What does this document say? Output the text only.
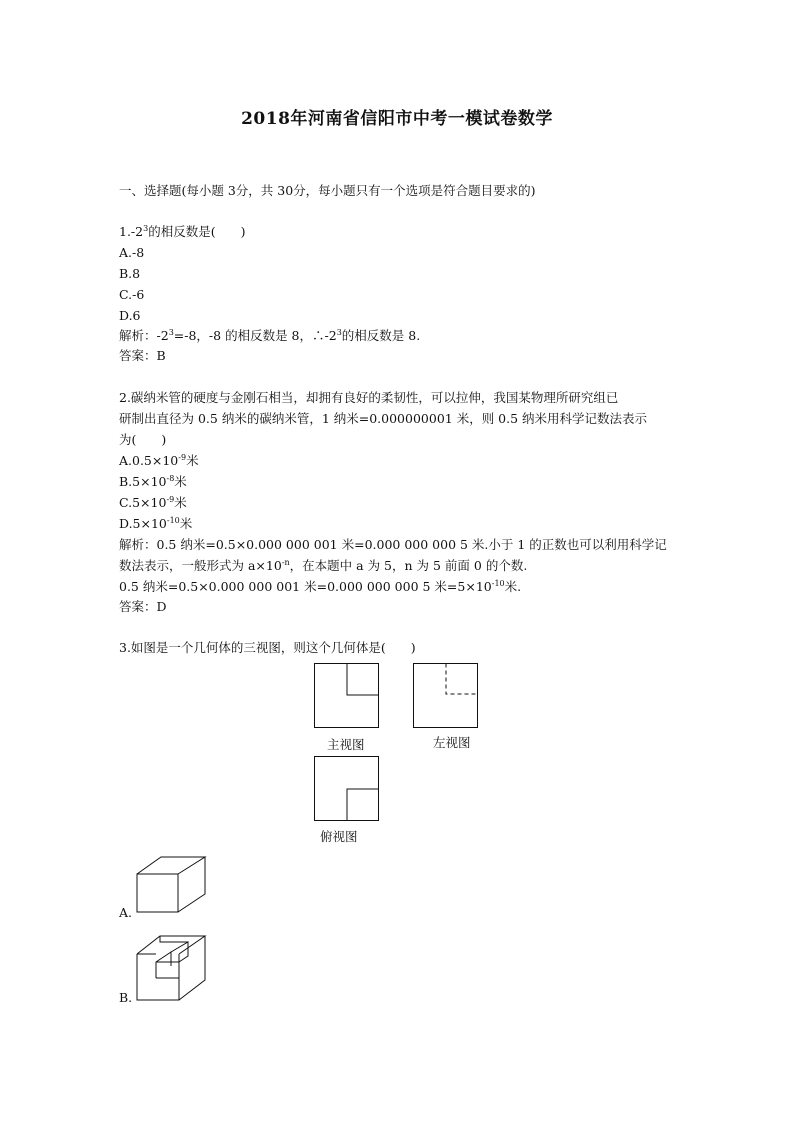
2018年河南省信阳市中考一模试卷数学
一、选择题(每小题 3分，共 30分，每小题只有一个选项是符合题目要求的)
$1.-2^3$的相反数是(　　)
A.-8
B.8
C.-6
D.6
解析：$-2^3=-8$，-8 的相反数是 8，$\therefore-2^3$的相反数是 8.
答案：B
2.碳纳米管的硬度与金刚石相当，却拥有良好的柔韧性，可以拉伸，我国某物理所研究组已
研制出直径为 0.5 纳米的碳纳米管，1 纳米=0.000000001 米，则 0.5 纳米用科学记数法表示
为(　　)
$A.0.5\times 10^{-9}$米
$B.5\times 10^{-8}$米
$C.5\times 10^{-9}$米
$D.5\times 10^{-10}$米
解析：0.5 纳米=0.5×0.000 000 001 米=0.000 000 000 5 米.小于 1 的正数也可以利用科学记
数法表示，一般形式为 $a\times 10^{-n}$，在本题中 a 为 5，n 为 5 前面 0 的个数.
0.5 纳米=0.5×0.000 000 001 米=0.000 000 000 5 米$=5\times 10^{-10}$米.
答案：D
3.如图是一个几何体的三视图，则这个几何体是(　　)
主视图	左视图
俯视图
A.
B.
